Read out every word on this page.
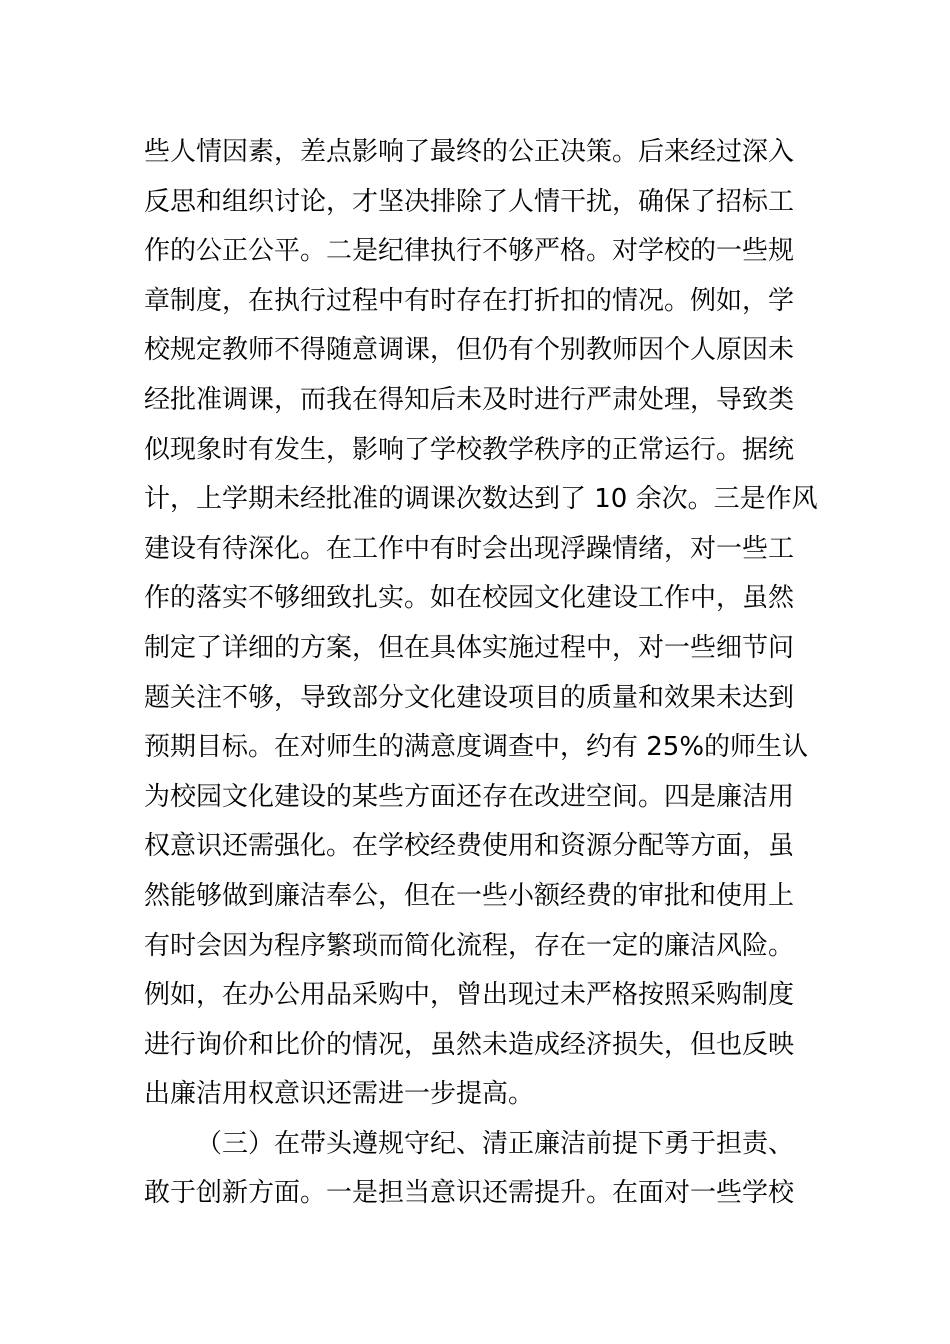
些人情因素，差点影响了最终的公正决策。后来经过深入
反思和组织讨论，才坚决排除了人情干扰，确保了招标工
作的公正公平。二是纪律执行不够严格。对学校的一些规
章制度，在执行过程中有时存在打折扣的情况。例如，学
校规定教师不得随意调课，但仍有个别教师因个人原因未
经批准调课，而我在得知后未及时进行严肃处理，导致类
似现象时有发生，影响了学校教学秩序的正常运行。据统
计，上学期未经批准的调课次数达到了 10 余次。三是作风
建设有待深化。在工作中有时会出现浮躁情绪，对一些工
作的落实不够细致扎实。如在校园文化建设工作中，虽然
制定了详细的方案，但在具体实施过程中，对一些细节问
题关注不够，导致部分文化建设项目的质量和效果未达到
预期目标。在对师生的满意度调查中，约有 25%的师生认
为校园文化建设的某些方面还存在改进空间。四是廉洁用
权意识还需强化。在学校经费使用和资源分配等方面，虽
然能够做到廉洁奉公，但在一些小额经费的审批和使用上
有时会因为程序繁琐而简化流程，存在一定的廉洁风险。
例如，在办公用品采购中，曾出现过未严格按照采购制度
进行询价和比价的情况，虽然未造成经济损失，但也反映
出廉洁用权意识还需进一步提高。
（三）在带头遵规守纪、清正廉洁前提下勇于担责、
敢于创新方面。一是担当意识还需提升。在面对一些学校
